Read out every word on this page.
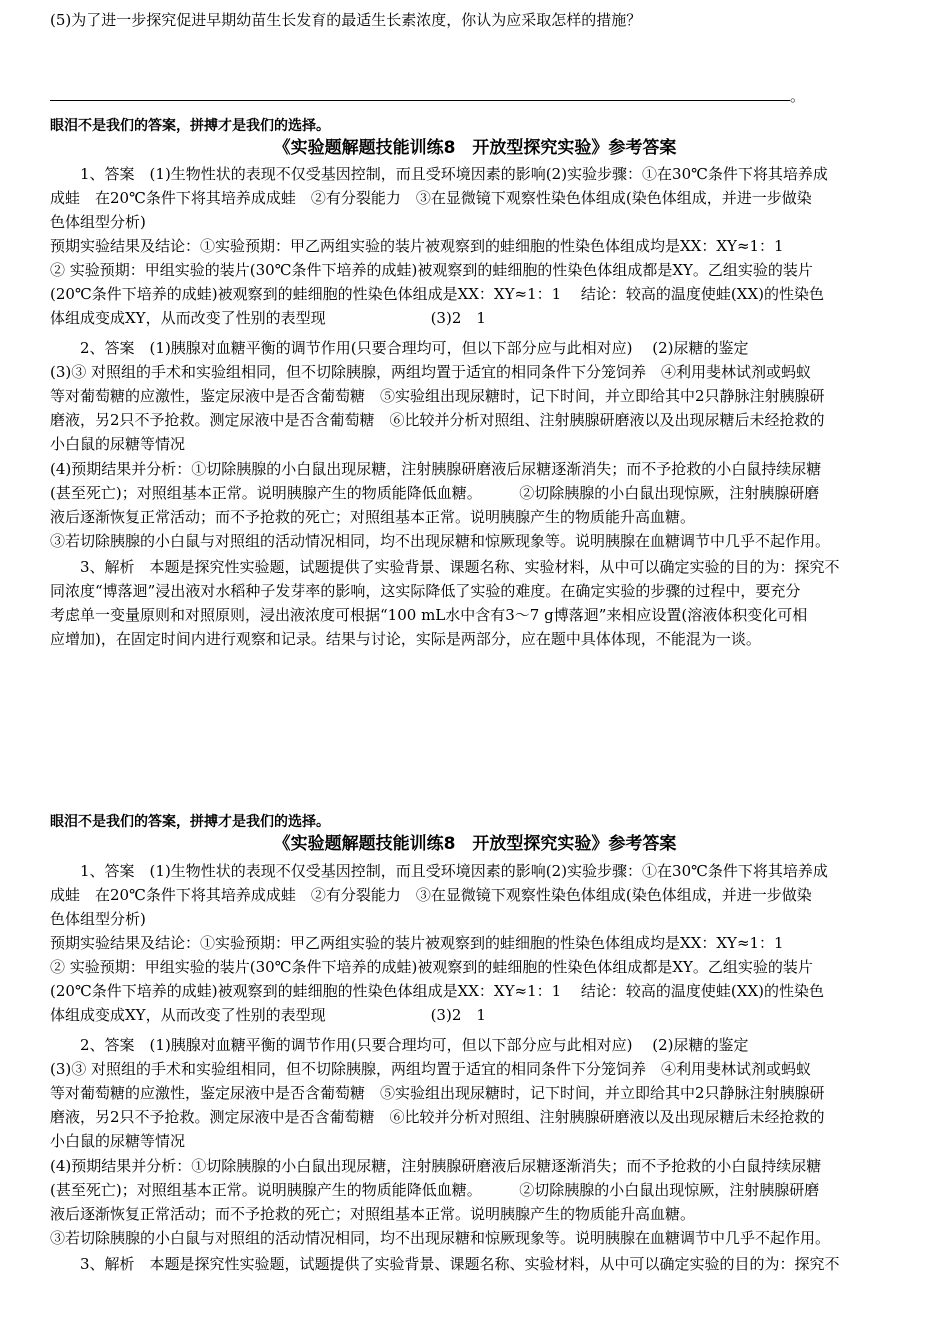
(5)为了进一步探究促进早期幼苗生长发育的最适生长素浓度，你认为应采取怎样的措施？
。
眼泪不是我们的答案，拼搏才是我们的选择。
《实验题解题技能训练8　开放型探究实验》参考答案
　　1、答案　(1)生物性状的表现不仅受基因控制，而且受环境因素的影响(2)实验步骤：①在30℃条件下将其培养成
成蛙　在20℃条件下将其培养成成蛙　②有分裂能力　③在显微镜下观察性染色体组成(染色体组成，并进一步做染
色体组型分析)
预期实验结果及结论：①实验预期：甲乙两组实验的装片被观察到的蛙细胞的性染色体组成均是XX：XY≈1：1
② 实验预期：甲组实验的装片(30℃条件下培养的成蛙)被观察到的蛙细胞的性染色体组成都是XY。乙组实验的装片
(20℃条件下培养的成蛙)被观察到的蛙细胞的性染色体组成是XX：XY≈1：1　 结论：较高的温度使蛙(XX)的性染色
体组成变成XY，从而改变了性别的表型现　　　　　　　(3)2　1
　　2、答案　(1)胰腺对血糖平衡的调节作用(只要合理均可，但以下部分应与此相对应)　 (2)尿糖的鉴定
(3)③ 对照组的手术和实验组相同，但不切除胰腺，两组均置于适宜的相同条件下分笼饲养　④利用斐林试剂或蚂蚁
等对葡萄糖的应激性，鉴定尿液中是否含葡萄糖　⑤实验组出现尿糖时，记下时间，并立即给其中2只静脉注射胰腺研
磨液，另2只不予抢救。测定尿液中是否含葡萄糖　⑥比较并分析对照组、注射胰腺研磨液以及出现尿糖后未经抢救的
小白鼠的尿糖等情况
(4)预期结果并分析：①切除胰腺的小白鼠出现尿糖，注射胰腺研磨液后尿糖逐渐消失；而不予抢救的小白鼠持续尿糖
(甚至死亡)；对照组基本正常。说明胰腺产生的物质能降低血糖。　　　②切除胰腺的小白鼠出现惊厥，注射胰腺研磨
液后逐渐恢复正常活动；而不予抢救的死亡；对照组基本正常。说明胰腺产生的物质能升高血糖。
③若切除胰腺的小白鼠与对照组的活动情况相同，均不出现尿糖和惊厥现象等。说明胰腺在血糖调节中几乎不起作用。
　　3、解析　本题是探究性实验题，试题提供了实验背景、课题名称、实验材料，从中可以确定实验的目的为：探究不
同浓度“博落迴”浸出液对水稻种子发芽率的影响，这实际降低了实验的难度。在确定实验的步骤的过程中，要充分
考虑单一变量原则和对照原则，浸出液浓度可根据“100 mL水中含有3～7 g博落迴”来相应设置(溶液体积变化可相
应增加)，在固定时间内进行观察和记录。结果与讨论，实际是两部分，应在题中具体体现，不能混为一谈。
眼泪不是我们的答案，拼搏才是我们的选择。
《实验题解题技能训练8　开放型探究实验》参考答案
　　1、答案　(1)生物性状的表现不仅受基因控制，而且受环境因素的影响(2)实验步骤：①在30℃条件下将其培养成
成蛙　在20℃条件下将其培养成成蛙　②有分裂能力　③在显微镜下观察性染色体组成(染色体组成，并进一步做染
色体组型分析)
预期实验结果及结论：①实验预期：甲乙两组实验的装片被观察到的蛙细胞的性染色体组成均是XX：XY≈1：1
② 实验预期：甲组实验的装片(30℃条件下培养的成蛙)被观察到的蛙细胞的性染色体组成都是XY。乙组实验的装片
(20℃条件下培养的成蛙)被观察到的蛙细胞的性染色体组成是XX：XY≈1：1　 结论：较高的温度使蛙(XX)的性染色
体组成变成XY，从而改变了性别的表型现　　　　　　　(3)2　1
　　2、答案　(1)胰腺对血糖平衡的调节作用(只要合理均可，但以下部分应与此相对应)　 (2)尿糖的鉴定
(3)③ 对照组的手术和实验组相同，但不切除胰腺，两组均置于适宜的相同条件下分笼饲养　④利用斐林试剂或蚂蚁
等对葡萄糖的应激性，鉴定尿液中是否含葡萄糖　⑤实验组出现尿糖时，记下时间，并立即给其中2只静脉注射胰腺研
磨液，另2只不予抢救。测定尿液中是否含葡萄糖　⑥比较并分析对照组、注射胰腺研磨液以及出现尿糖后未经抢救的
小白鼠的尿糖等情况
(4)预期结果并分析：①切除胰腺的小白鼠出现尿糖，注射胰腺研磨液后尿糖逐渐消失；而不予抢救的小白鼠持续尿糖
(甚至死亡)；对照组基本正常。说明胰腺产生的物质能降低血糖。　　　②切除胰腺的小白鼠出现惊厥，注射胰腺研磨
液后逐渐恢复正常活动；而不予抢救的死亡；对照组基本正常。说明胰腺产生的物质能升高血糖。
③若切除胰腺的小白鼠与对照组的活动情况相同，均不出现尿糖和惊厥现象等。说明胰腺在血糖调节中几乎不起作用。
　　3、解析　本题是探究性实验题，试题提供了实验背景、课题名称、实验材料，从中可以确定实验的目的为：探究不
